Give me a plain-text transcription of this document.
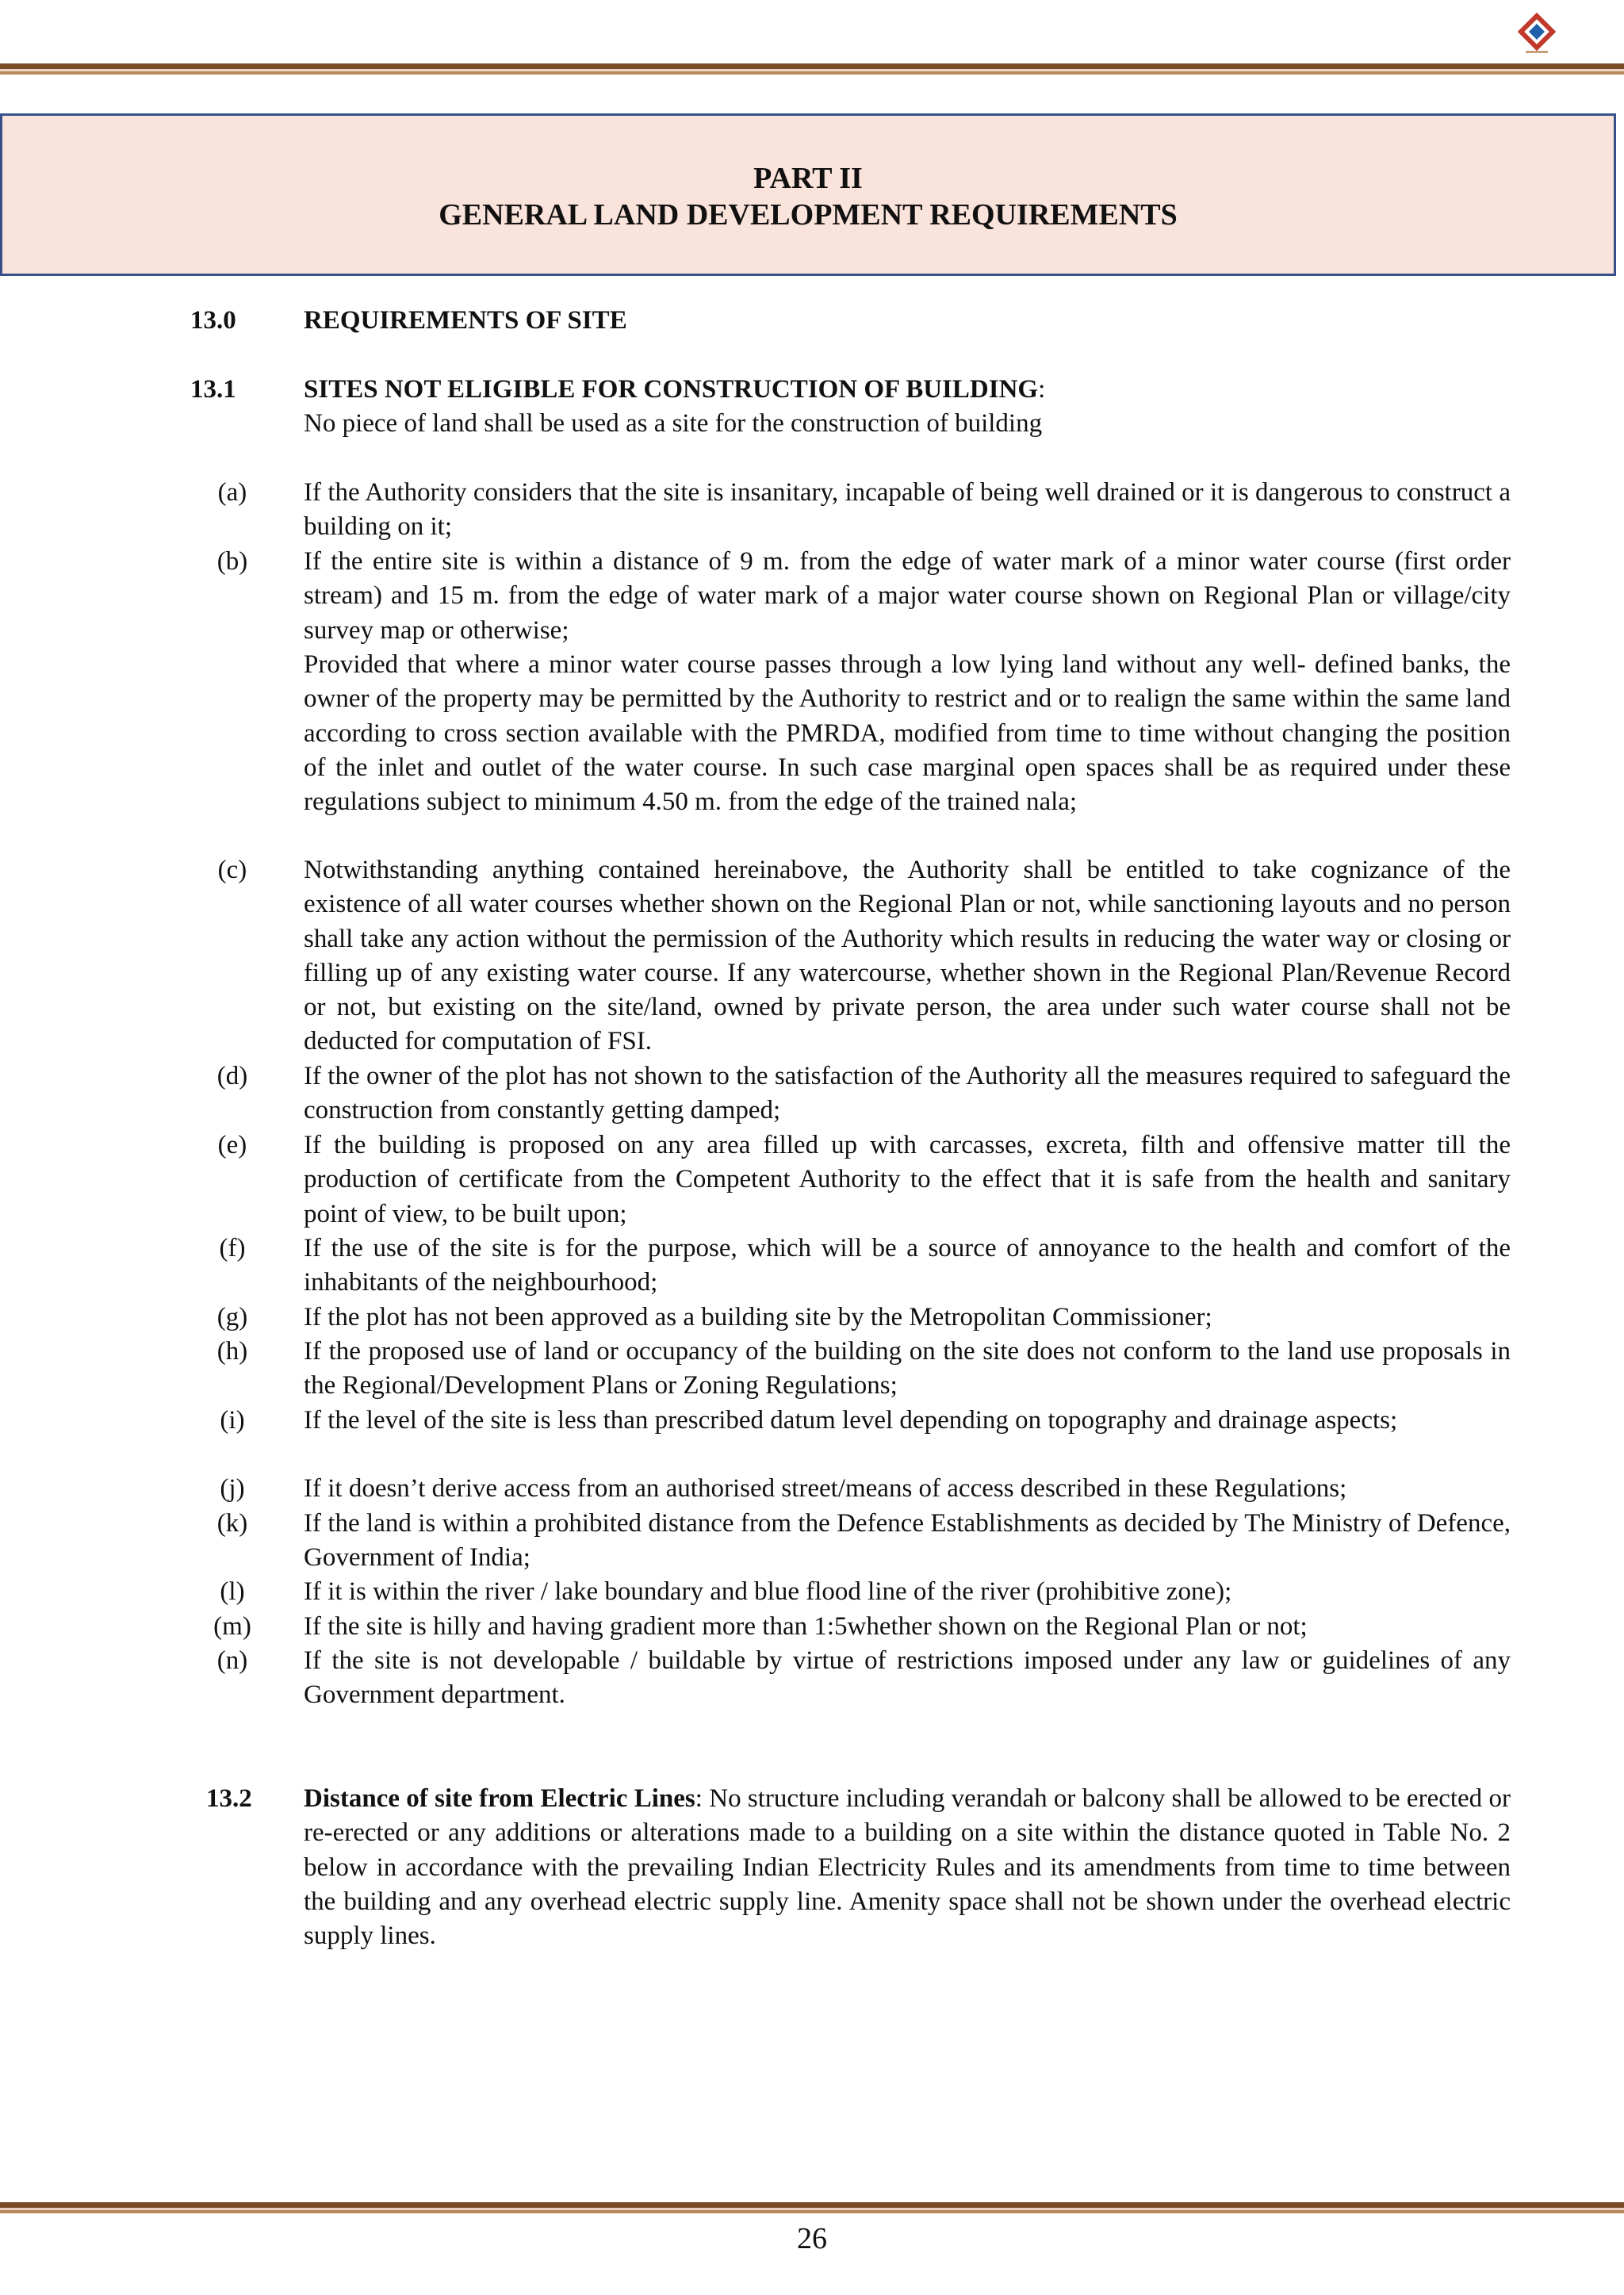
PART II
GENERAL LAND DEVELOPMENT REQUIREMENTS
13.0	REQUIREMENTS OF SITE
13.1	SITES NOT ELIGIBLE FOR CONSTRUCTION OF BUILDING:
No piece of land shall be used as a site for the construction of building
(a)	If the Authority considers that the site is insanitary, incapable of being well drained or it is dangerous to construct a building on it;
(b)	If the entire site is within a distance of 9 m. from the edge of water mark of a minor water course (first order stream) and 15 m. from the edge of water mark of a major water course shown on Regional Plan or village/city survey map or otherwise;
Provided that where a minor water course passes through a low lying land without any well- defined banks, the owner of the property may be permitted by the Authority to restrict and or to realign the same within the same land according to cross section available with the PMRDA, modified from time to time without changing the position of the inlet and outlet of the water course. In such case marginal open spaces shall be as required under these regulations subject to minimum 4.50 m. from the edge of the trained nala;
(c)	Notwithstanding anything contained hereinabove, the Authority shall be entitled to take cognizance of the existence of all water courses whether shown on the Regional Plan or not, while sanctioning layouts and no person shall take any action without the permission of the Authority which results in reducing the water way or closing or filling up of any existing water course. If any watercourse, whether shown in the Regional Plan/Revenue Record or not, but existing on the site/land, owned by private person, the area under such water course shall not be deducted for computation of FSI.
(d)	If the owner of the plot has not shown to the satisfaction of the Authority all the measures required to safeguard the construction from constantly getting damped;
(e)	If the building is proposed on any area filled up with carcasses, excreta, filth and offensive matter till the production of certificate from the Competent Authority to the effect that it is safe from the health and sanitary point of view, to be built upon;
(f)	If the use of the site is for the purpose, which will be a source of annoyance to the health and comfort of the inhabitants of the neighbourhood;
(g)	If the plot has not been approved as a building site by the Metropolitan Commissioner;
(h)	If the proposed use of land or occupancy of the building on the site does not conform to the land use proposals in the Regional/Development Plans or Zoning Regulations;
(i)	If the level of the site is less than prescribed datum level depending on topography and drainage aspects;
(j)	If it doesn’t derive access from an authorised street/means of access described in these Regulations;
(k)	If the land is within a prohibited distance from the Defence Establishments as decided by The Ministry of Defence, Government of India;
(l)	If it is within the river / lake boundary and blue flood line of the river (prohibitive zone);
(m)	If the site is hilly and having gradient more than 1:5whether shown on the Regional Plan or not;
(n)	If the site is not developable / buildable by virtue of restrictions imposed under any law or guidelines of any Government department.
13.2 Distance of site from Electric Lines: No structure including verandah or balcony shall be allowed to be erected or re-erected or any additions or alterations made to a building on a site within the distance quoted in Table No. 2 below in accordance with the prevailing Indian Electricity Rules and its amendments from time to time between the building and any overhead electric supply line. Amenity space shall not be shown under the overhead electric supply lines.
26
